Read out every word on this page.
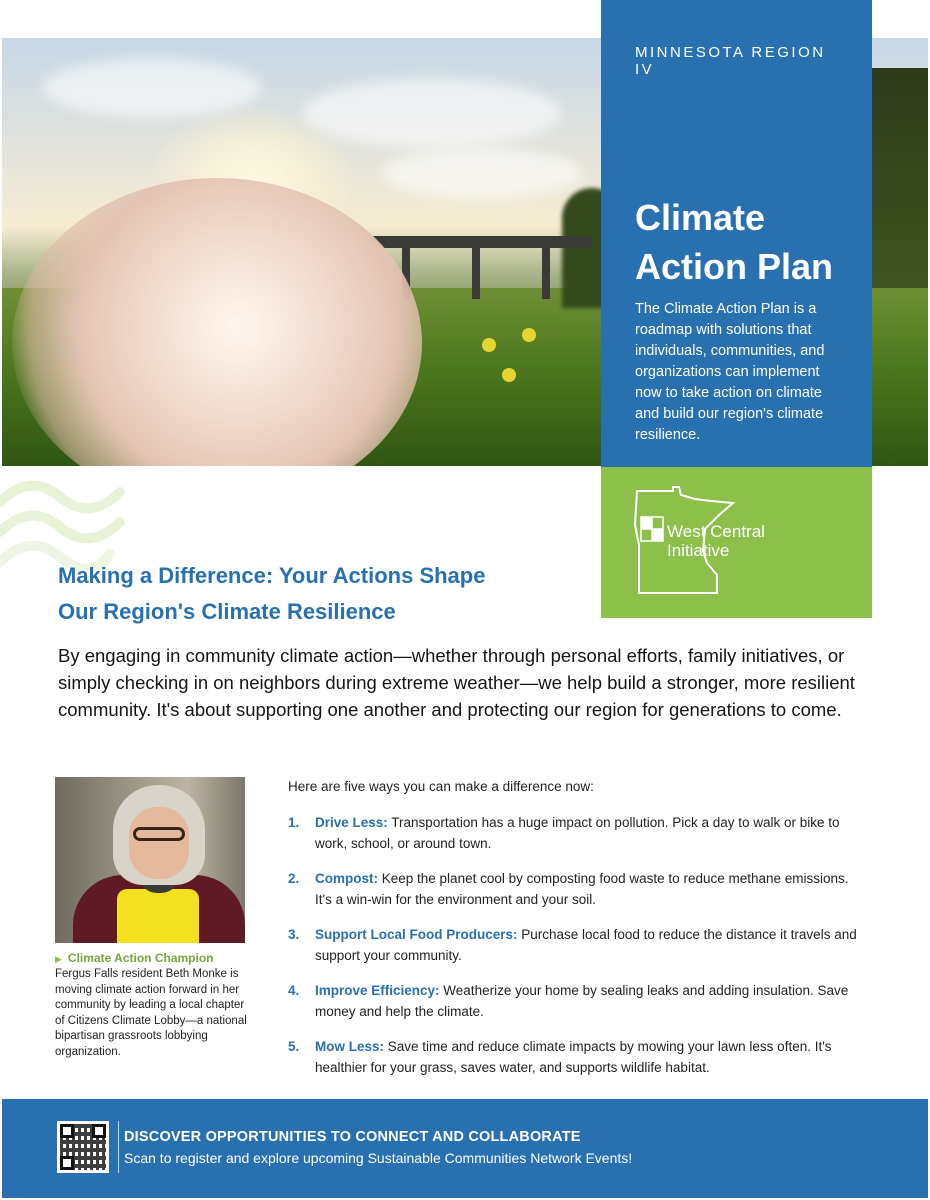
MINNESOTA REGION IV
Climate
Action Plan

The Climate Action Plan is a roadmap with solutions that individuals, communities, and organizations can implement now to take action on climate and build our region's climate resilience.

West Central
Initiative
Making a Difference: Your Actions Shape
Our Region's Climate Resilience

By engaging in community climate action—whether through personal efforts, family initiatives, or simply checking in on neighbors during extreme weather—we help build a stronger, more resilient community. It's about supporting one another and protecting our region for generations to come.

▶ Climate Action Champion

Fergus Falls resident Beth Monke is moving climate action forward in her community by leading a local chapter of Citizens Climate Lobby—a national bipartisan grassroots lobbying organization.

Here are five ways you can make a difference now:

1. Drive Less: Transportation has a huge impact on pollution. Pick a day to walk or bike to work, school, or around town.
2. Compost: Keep the planet cool by composting food waste to reduce methane emissions. It's a win-win for the environment and your soil.
3. Support Local Food Producers: Purchase local food to reduce the distance it travels and support your community.
4. Improve Efficiency: Weatherize your home by sealing leaks and adding insulation. Save money and help the climate.
5. Mow Less: Save time and reduce climate impacts by mowing your lawn less often. It's healthier for your grass, saves water, and supports wildlife habitat.
DISCOVER OPPORTUNITIES TO CONNECT AND COLLABORATE
Scan to register and explore upcoming Sustainable Communities Network Events!
